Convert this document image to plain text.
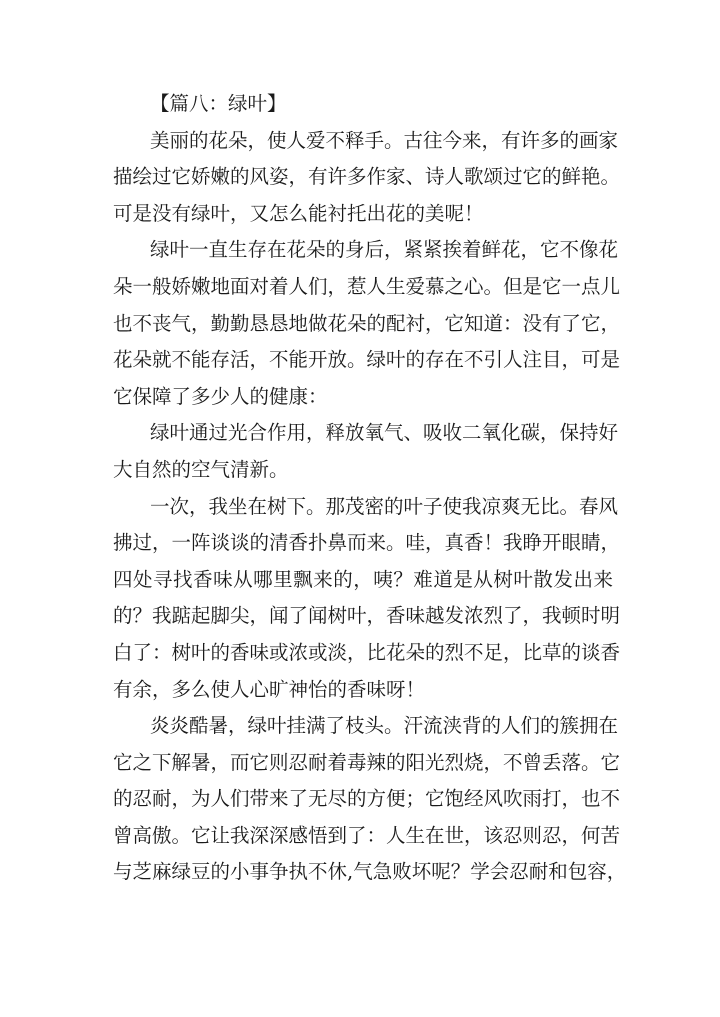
【篇八：绿叶】
美丽的花朵，使人爱不释手。古往今来，有许多的画家
描绘过它娇嫩的风姿，有许多作家、诗人歌颂过它的鲜艳。
可是没有绿叶，又怎么能衬托出花的美呢！
绿叶一直生存在花朵的身后，紧紧挨着鲜花，它不像花
朵一般娇嫩地面对着人们，惹人生爱慕之心。但是它一点儿
也不丧气，勤勤恳恳地做花朵的配衬，它知道：没有了它，
花朵就不能存活，不能开放。绿叶的存在不引人注目，可是
它保障了多少人的健康：
绿叶通过光合作用，释放氧气、吸收二氧化碳，保持好
大自然的空气清新。
一次，我坐在树下。那茂密的叶子使我凉爽无比。春风
拂过，一阵谈谈的清香扑鼻而来。哇，真香！我睁开眼睛，
四处寻找香味从哪里飘来的，咦？难道是从树叶散发出来
的？我踮起脚尖，闻了闻树叶，香味越发浓烈了，我顿时明
白了：树叶的香味或浓或淡，比花朵的烈不足，比草的谈香
有余，多么使人心旷神怡的香味呀！
炎炎酷暑，绿叶挂满了枝头。汗流浃背的人们的簇拥在
它之下解暑，而它则忍耐着毒辣的阳光烈烧，不曾丢落。它
的忍耐，为人们带来了无尽的方便；它饱经风吹雨打，也不
曾高傲。它让我深深感悟到了：人生在世，该忍则忍，何苦
与芝麻绿豆的小事争执不休,气急败坏呢？学会忍耐和包容，
